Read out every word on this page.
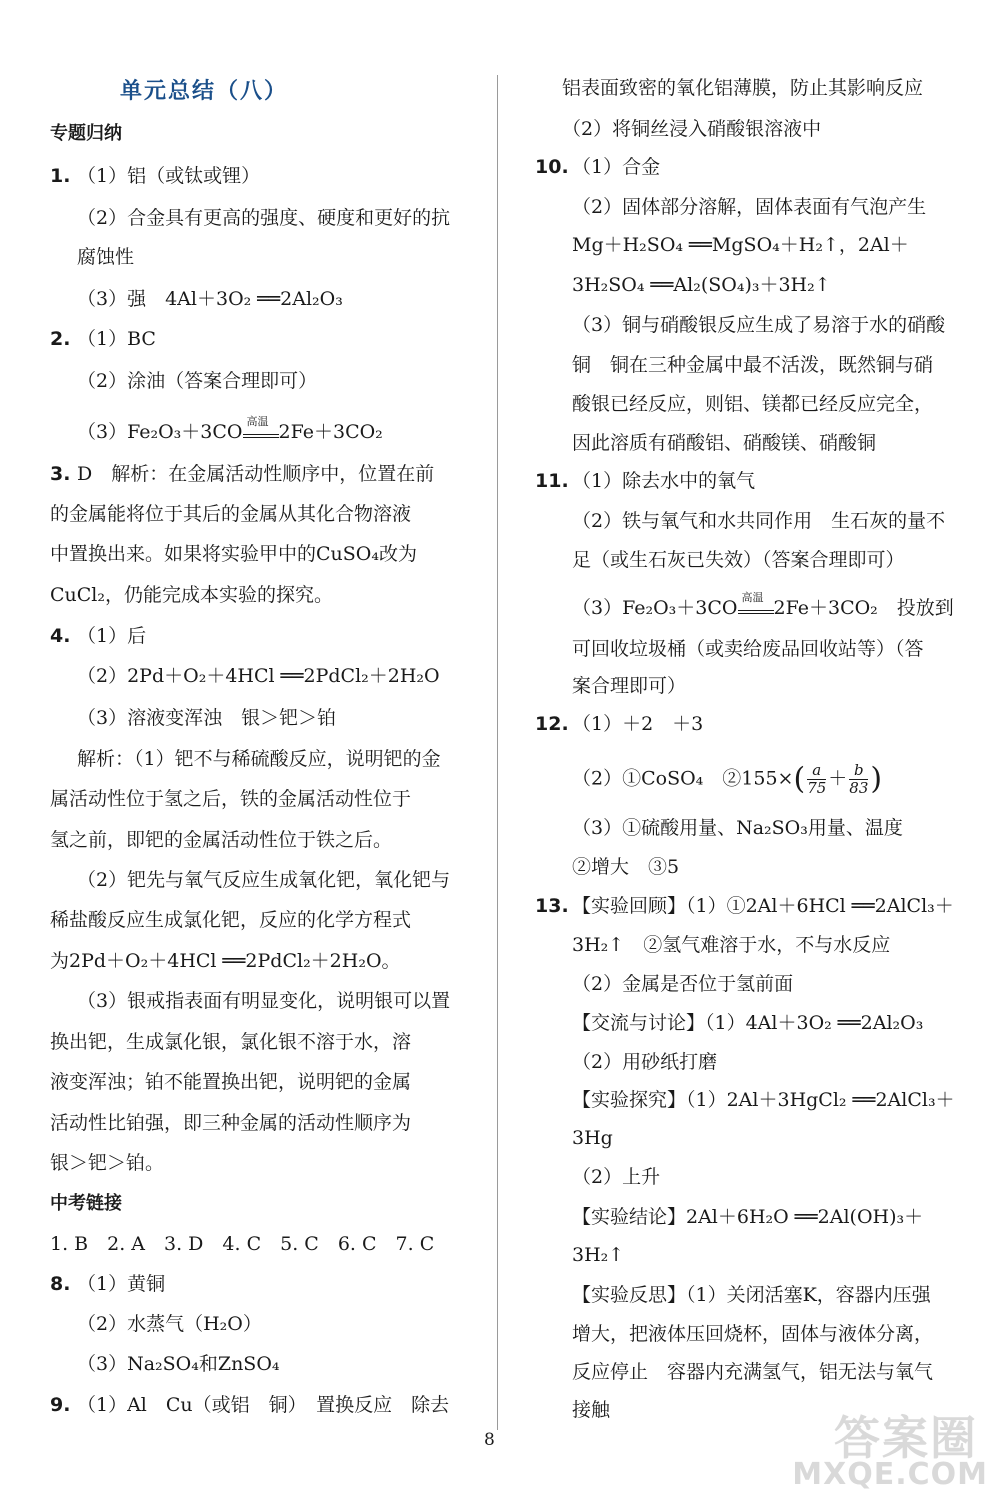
单元总结（八）
专题归纳
1. （1）铝（或钛或锂）
（2）合金具有更高的强度、硬度和更好的抗
腐蚀性
（3）强　4Al＋3O₂ ══2Al₂O₃
2. （1）BC
（2）涂油（答案合理即可）
（3）Fe₂O₃＋3CO 高温 2Fe＋3CO₂
3. D　解析：在金属活动性顺序中，位置在前
的金属能将位于其后的金属从其化合物溶液
中置换出来。如果将实验甲中的CuSO₄改为
CuCl₂，仍能完成本实验的探究。
4. （1）后
（2）2Pd＋O₂＋4HCl ══2PdCl₂＋2H₂O
（3）溶液变浑浊　银＞钯＞铂
解析：（1）钯不与稀硫酸反应，说明钯的金
属活动性位于氢之后，铁的金属活动性位于
氢之前，即钯的金属活动性位于铁之后。
（2）钯先与氧气反应生成氧化钯，氧化钯与
稀盐酸反应生成氯化钯，反应的化学方程式
为2Pd＋O₂＋4HCl ══2PdCl₂＋2H₂O。
（3）银戒指表面有明显变化，说明银可以置
换出钯，生成氯化银，氯化银不溶于水，溶
液变浑浊；铂不能置换出钯，说明钯的金属
活动性比铂强，即三种金属的活动性顺序为
银＞钯＞铂。
中考链接
1. B　2. A　3. D　4. C　5. C　6. C　7. C
8. （1）黄铜
（2）水蒸气（H₂O）
（3）Na₂SO₄和ZnSO₄
9. （1）Al　Cu（或铝　铜）　置换反应　除去
铝表面致密的氧化铝薄膜，防止其影响反应
（2）将铜丝浸入硝酸银溶液中
10. （1）合金
（2）固体部分溶解，固体表面有气泡产生
Mg＋H₂SO₄ ══MgSO₄＋H₂↑，2Al＋
3H₂SO₄ ══Al₂(SO₄)₃＋3H₂↑
（3）铜与硝酸银反应生成了易溶于水的硝酸
铜　铜在三种金属中最不活泼，既然铜与硝
酸银已经反应，则铝、镁都已经反应完全，
因此溶质有硝酸铝、硝酸镁、硝酸铜
11. （1）除去水中的氧气
（2）铁与氧气和水共同作用　生石灰的量不
足（或生石灰已失效）（答案合理即可）
（3）Fe₂O₃＋3CO 高温 2Fe＋3CO₂　投放到
可回收垃圾桶（或卖给废品回收站等）（答
案合理即可）
12. （1）＋2　＋3
（2）①CoSO₄　②155×( $\frac{a}{75} + \frac{b}{83}$ )
（3）①硫酸用量、Na₂SO₃用量、温度
②增大　③5
13. 【实验回顾】（1）①2Al＋6HCl ══2AlCl₃＋
3H₂↑　②氢气难溶于水，不与水反应
（2）金属是否位于氢前面
【交流与讨论】（1）4Al＋3O₂ ══2Al₂O₃
（2）用砂纸打磨
【实验探究】（1）2Al＋3HgCl₂ ══2AlCl₃＋
3Hg
（2）上升
【实验结论】2Al＋6H₂O ══2Al(OH)₃＋
3H₂↑
【实验反思】（1）关闭活塞K，容器内压强
增大，把液体压回烧杯，固体与液体分离，
反应停止　容器内充满氢气，铝无法与氧气
接触
8	答案圈
MXQE.COM
